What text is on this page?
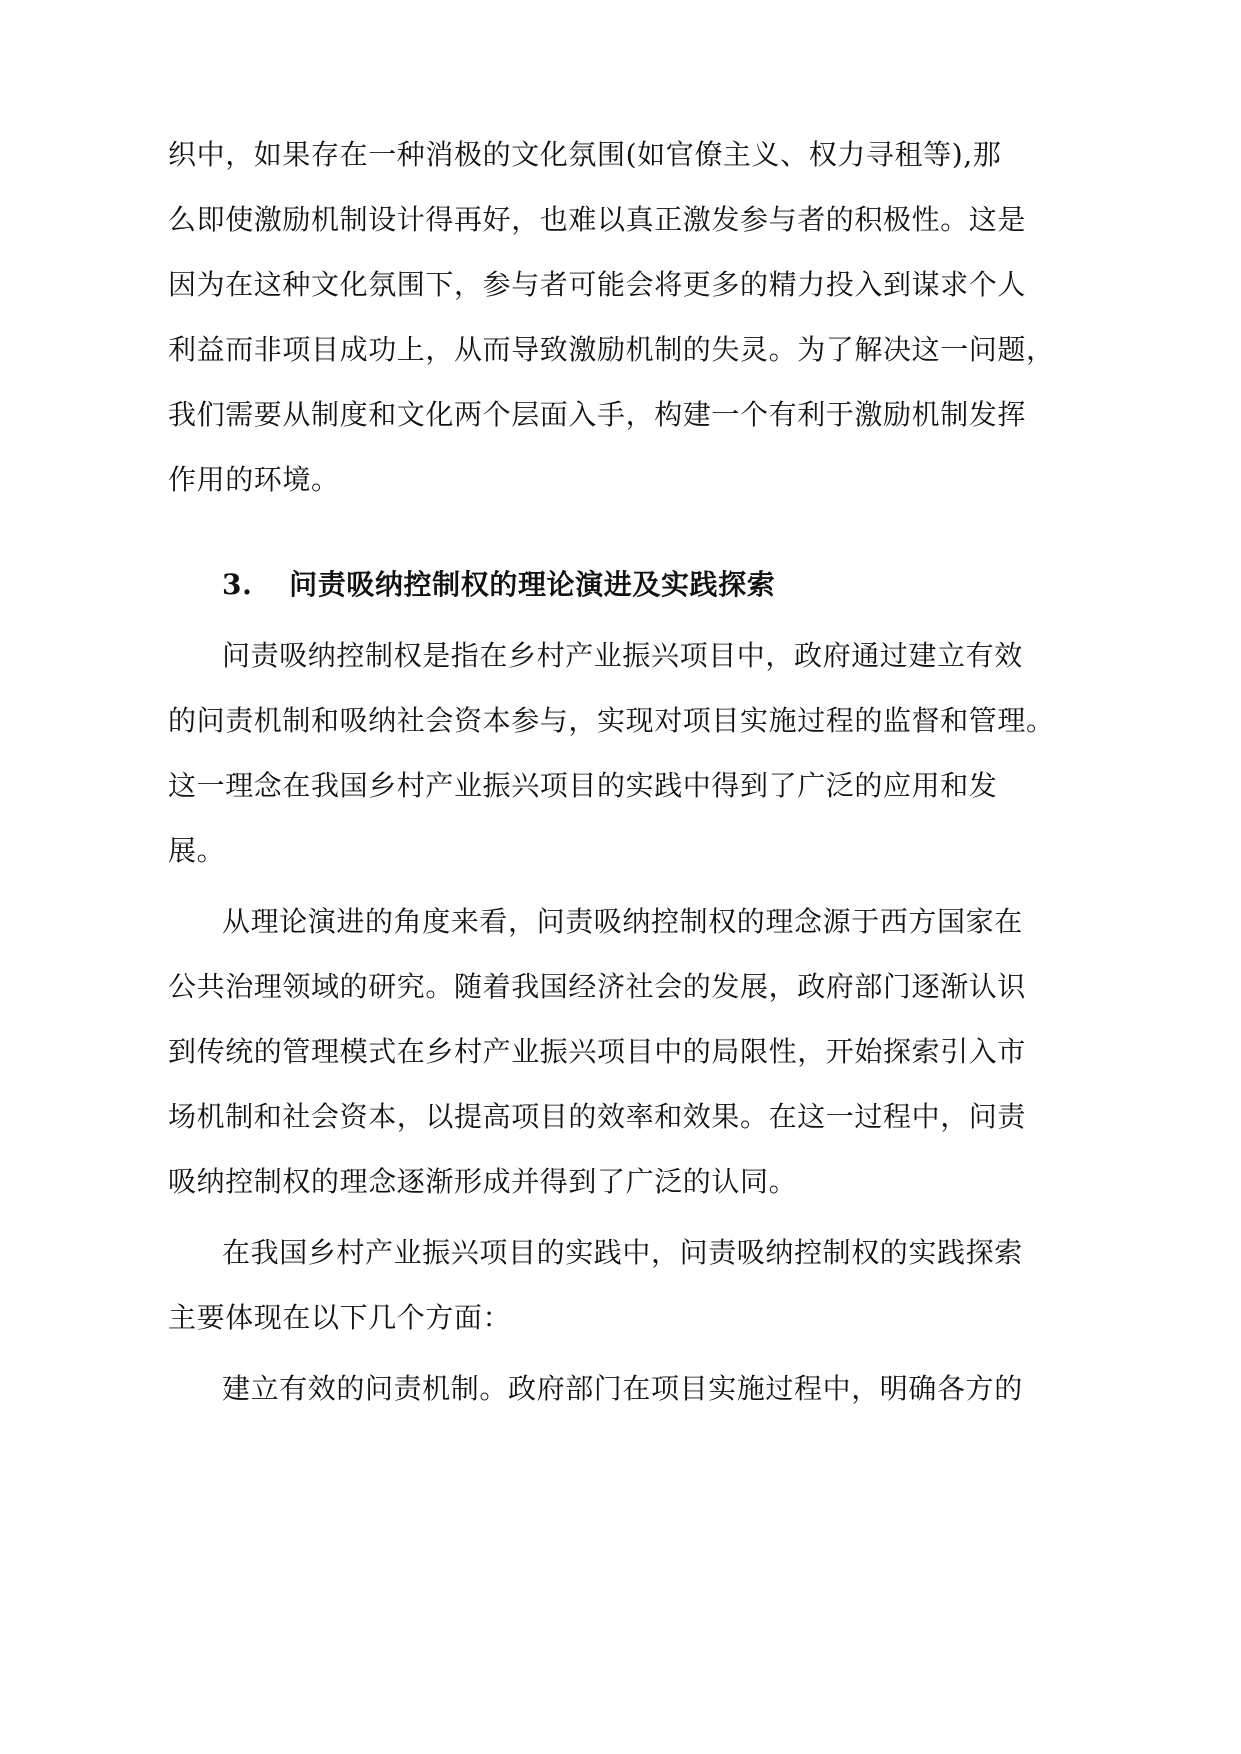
织中，如果存在一种消极的文化氛围(如官僚主义、权力寻租等),那
么即使激励机制设计得再好，也难以真正激发参与者的积极性。这是
因为在这种文化氛围下，参与者可能会将更多的精力投入到谋求个人
利益而非项目成功上，从而导致激励机制的失灵。为了解决这一问题，
我们需要从制度和文化两个层面入手，构建一个有利于激励机制发挥
作用的环境。
3. 问责吸纳控制权的理论演进及实践探索
问责吸纳控制权是指在乡村产业振兴项目中，政府通过建立有效
的问责机制和吸纳社会资本参与，实现对项目实施过程的监督和管理。
这一理念在我国乡村产业振兴项目的实践中得到了广泛的应用和发
展。
从理论演进的角度来看，问责吸纳控制权的理念源于西方国家在
公共治理领域的研究。随着我国经济社会的发展，政府部门逐渐认识
到传统的管理模式在乡村产业振兴项目中的局限性，开始探索引入市
场机制和社会资本，以提高项目的效率和效果。在这一过程中，问责
吸纳控制权的理念逐渐形成并得到了广泛的认同。
在我国乡村产业振兴项目的实践中，问责吸纳控制权的实践探索
主要体现在以下几个方面：
建立有效的问责机制。政府部门在项目实施过程中，明确各方的
